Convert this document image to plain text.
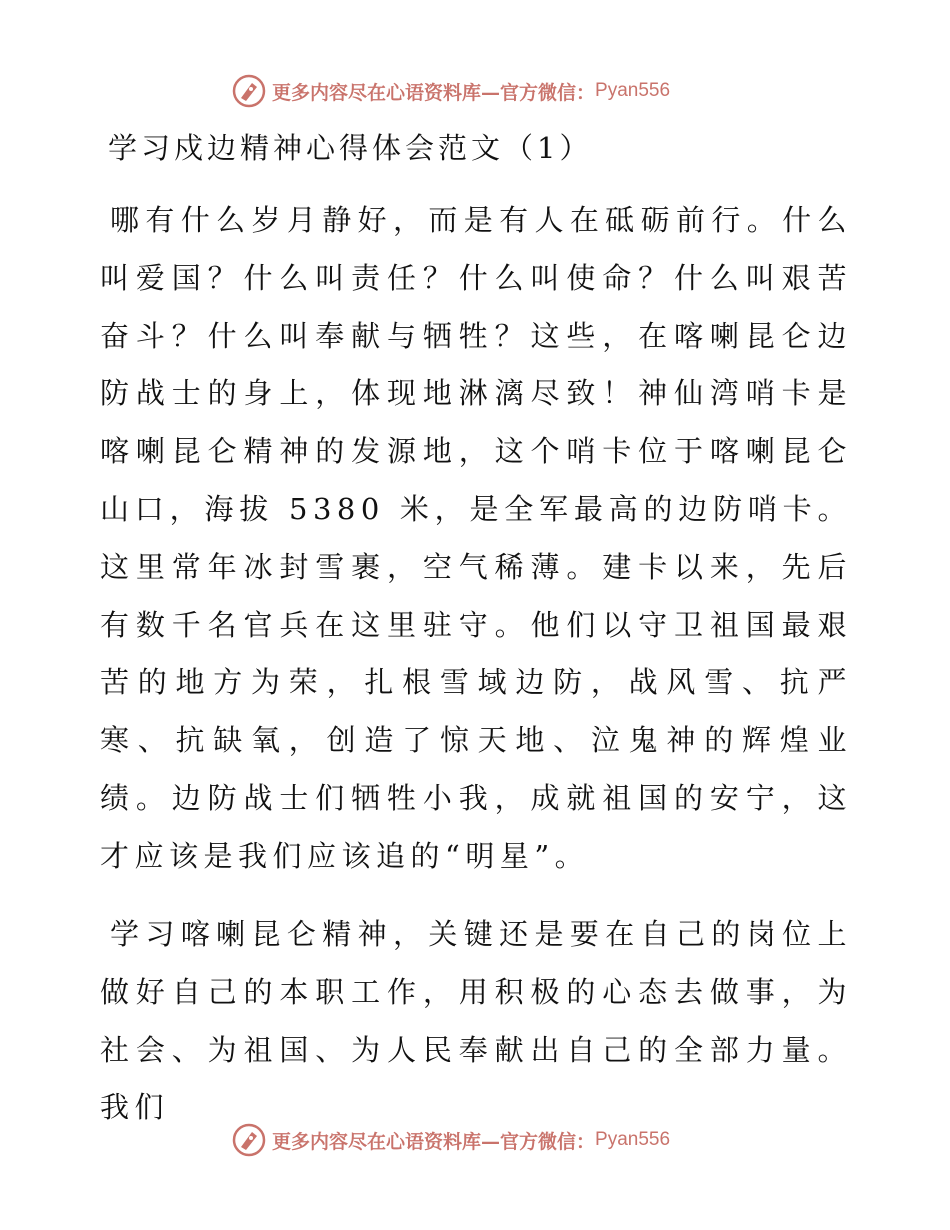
更多内容尽在心语资料库—官方微信： Pyan556
学习戍边精神心得体会范文（1）
哪有什么岁月静好，而是有人在砥砺前行。什么叫爱国？什么叫责任？什么叫使命？什么叫艰苦奋斗？什么叫奉献与牺牲？这些，在喀喇昆仑边防战士的身上，体现地淋漓尽致！神仙湾哨卡是喀喇昆仑精神的发源地，这个哨卡位于喀喇昆仑山口，海拔 5380 米，是全军最高的边防哨卡。这里常年冰封雪裹，空气稀薄。建卡以来，先后有数千名官兵在这里驻守。他们以守卫祖国最艰苦的地方为荣，扎根雪域边防，战风雪、抗严寒、抗缺氧，创造了惊天地、泣鬼神的辉煌业绩。边防战士们牺牲小我，成就祖国的安宁，这才应该是我们应该追的“明星”。
学习喀喇昆仑精神，关键还是要在自己的岗位上做好自己的本职工作，用积极的心态去做事，为社会、为祖国、为人民奉献出自己的全部力量。我们
更多内容尽在心语资料库—官方微信： Pyan556
